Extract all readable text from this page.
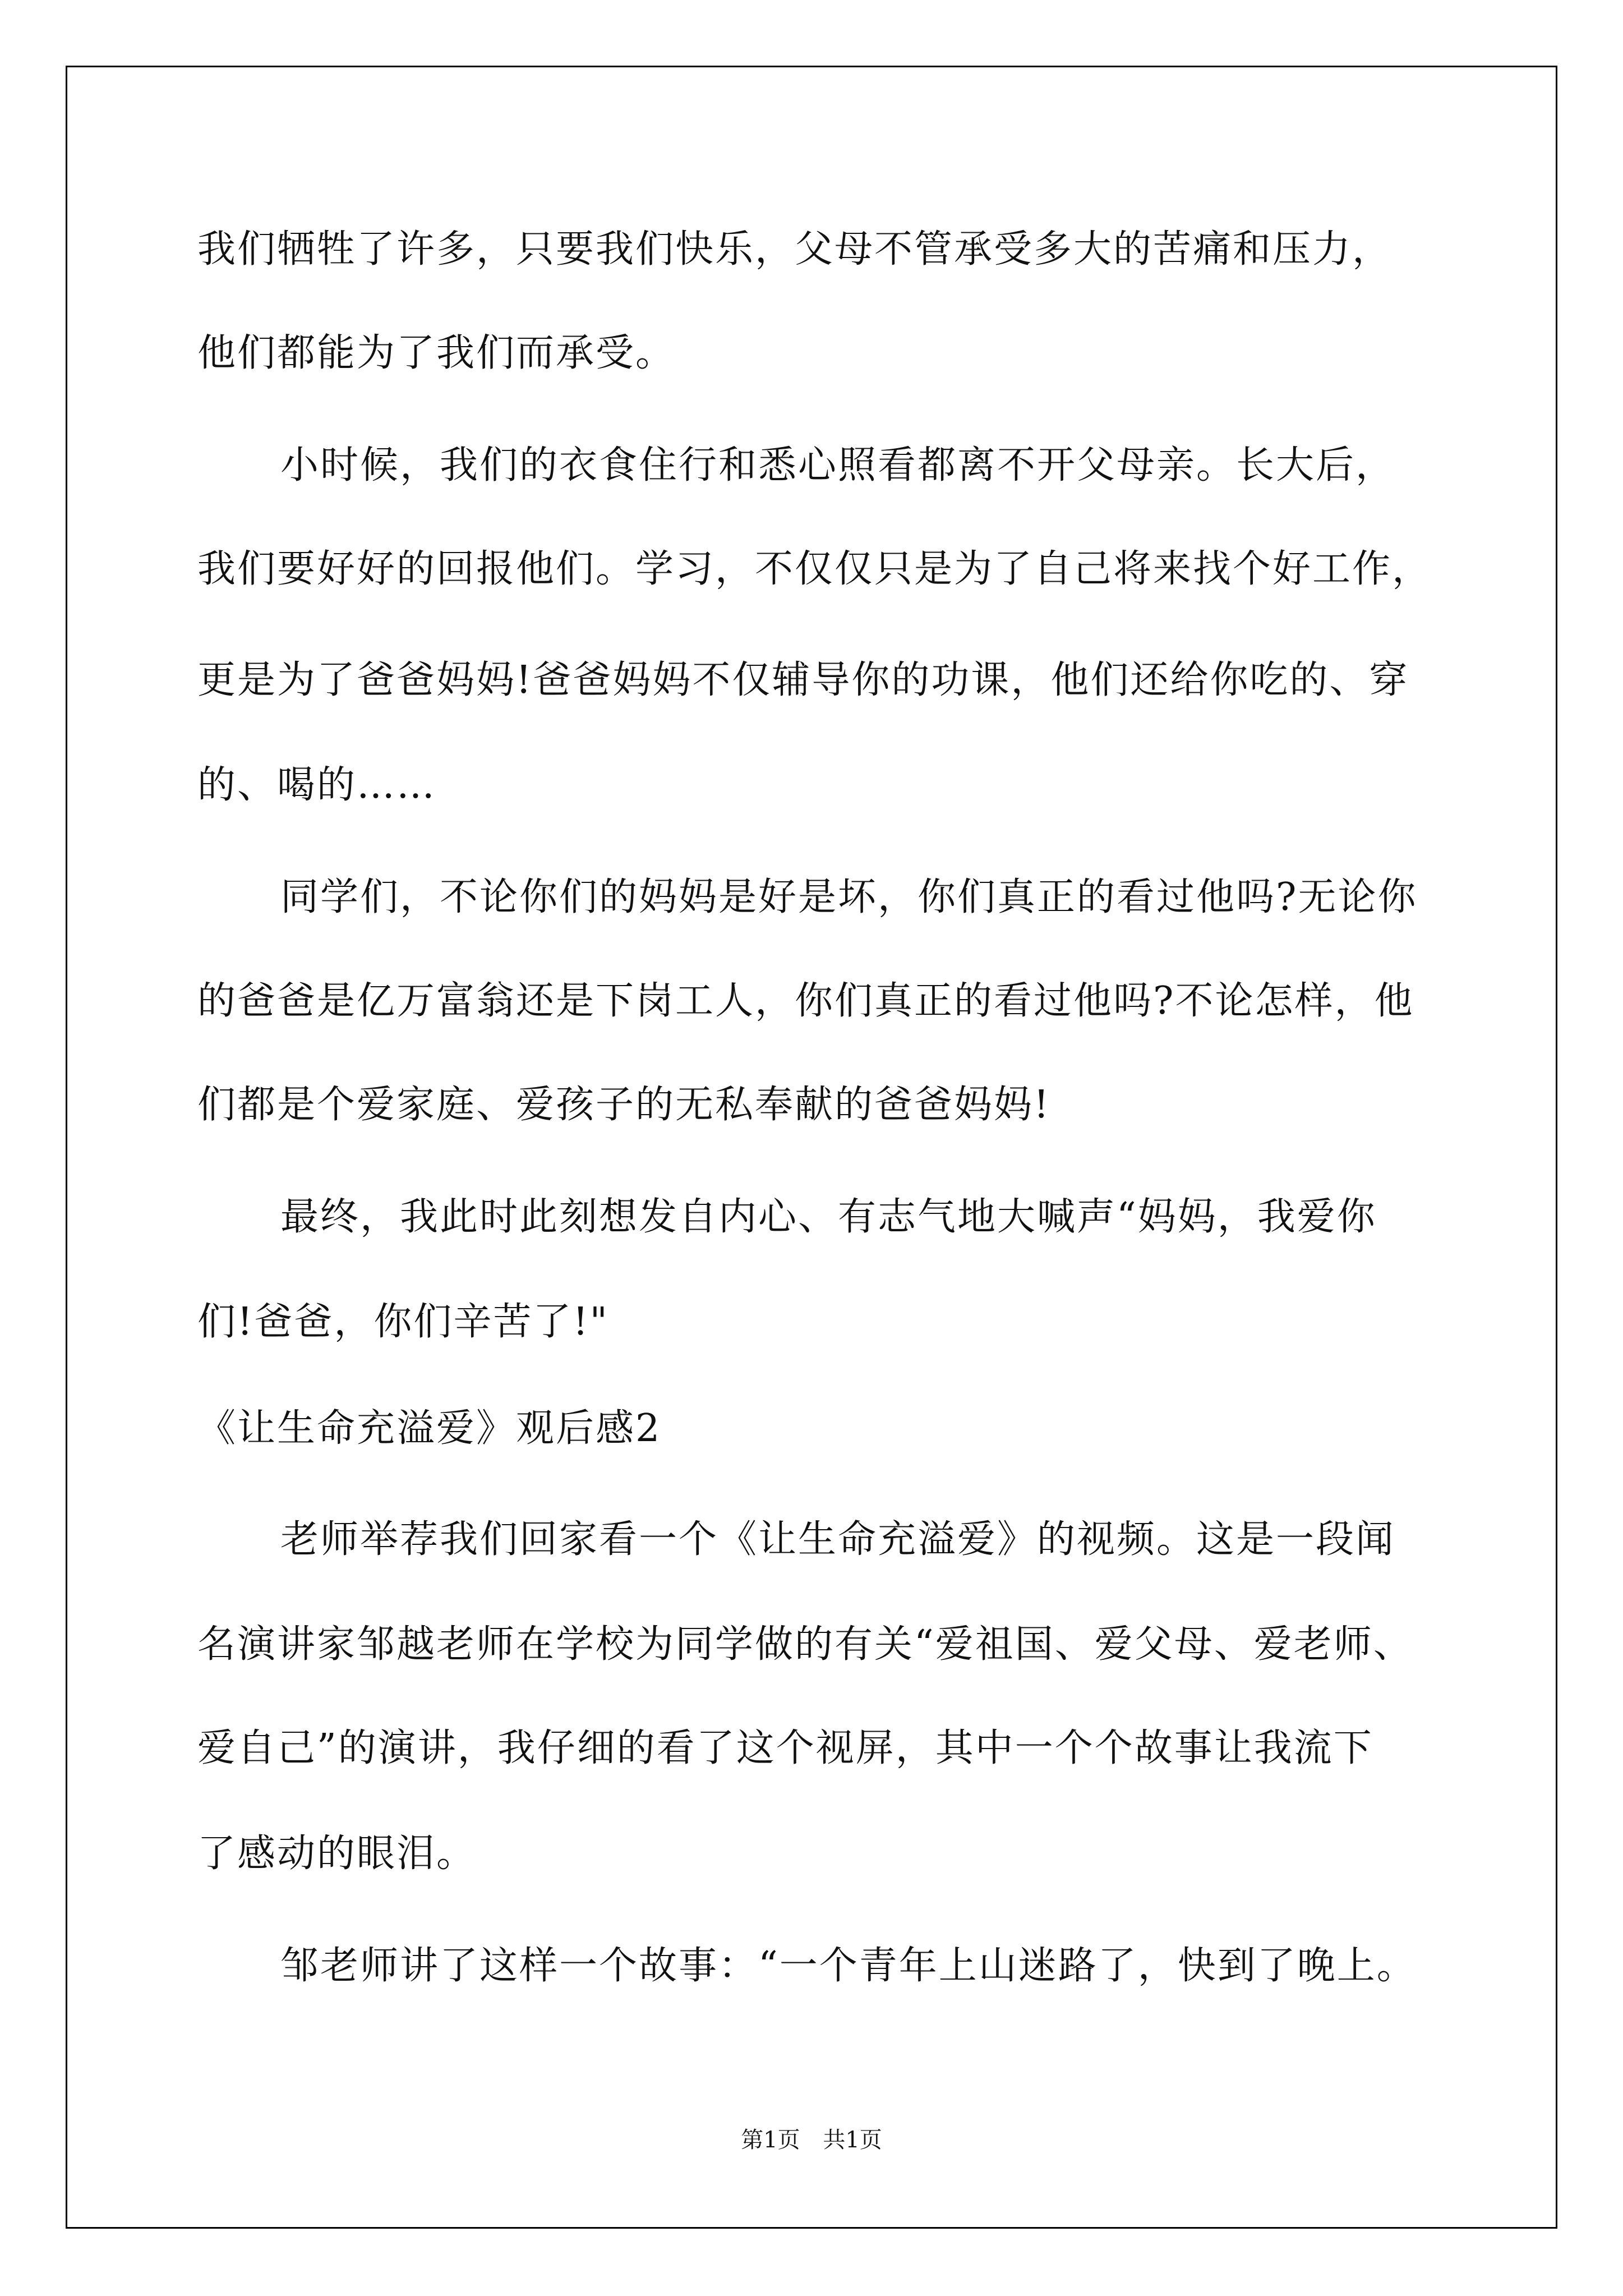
我们牺牲了许多，只要我们快乐，父母不管承受多大的苦痛和压力，
他们都能为了我们而承受。
小时候，我们的衣食住行和悉心照看都离不开父母亲。长大后，
我们要好好的回报他们。学习，不仅仅只是为了自己将来找个好工作，
更是为了爸爸妈妈!爸爸妈妈不仅辅导你的功课，他们还给你吃的、穿
的、喝的……
同学们，不论你们的妈妈是好是坏，你们真正的看过他吗?无论你
的爸爸是亿万富翁还是下岗工人，你们真正的看过他吗?不论怎样，他
们都是个爱家庭、爱孩子的无私奉献的爸爸妈妈!
最终，我此时此刻想发自内心、有志气地大喊声“妈妈，我爱你
们!爸爸，你们辛苦了!"
《让生命充溢爱》观后感2
老师举荐我们回家看一个《让生命充溢爱》的视频。这是一段闻
名演讲家邹越老师在学校为同学做的有关“爱祖国、爱父母、爱老师、
爱自己”的演讲，我仔细的看了这个视屏，其中一个个故事让我流下
了感动的眼泪。
邹老师讲了这样一个故事：“一个青年上山迷路了，快到了晚上。
第1页 共1页
